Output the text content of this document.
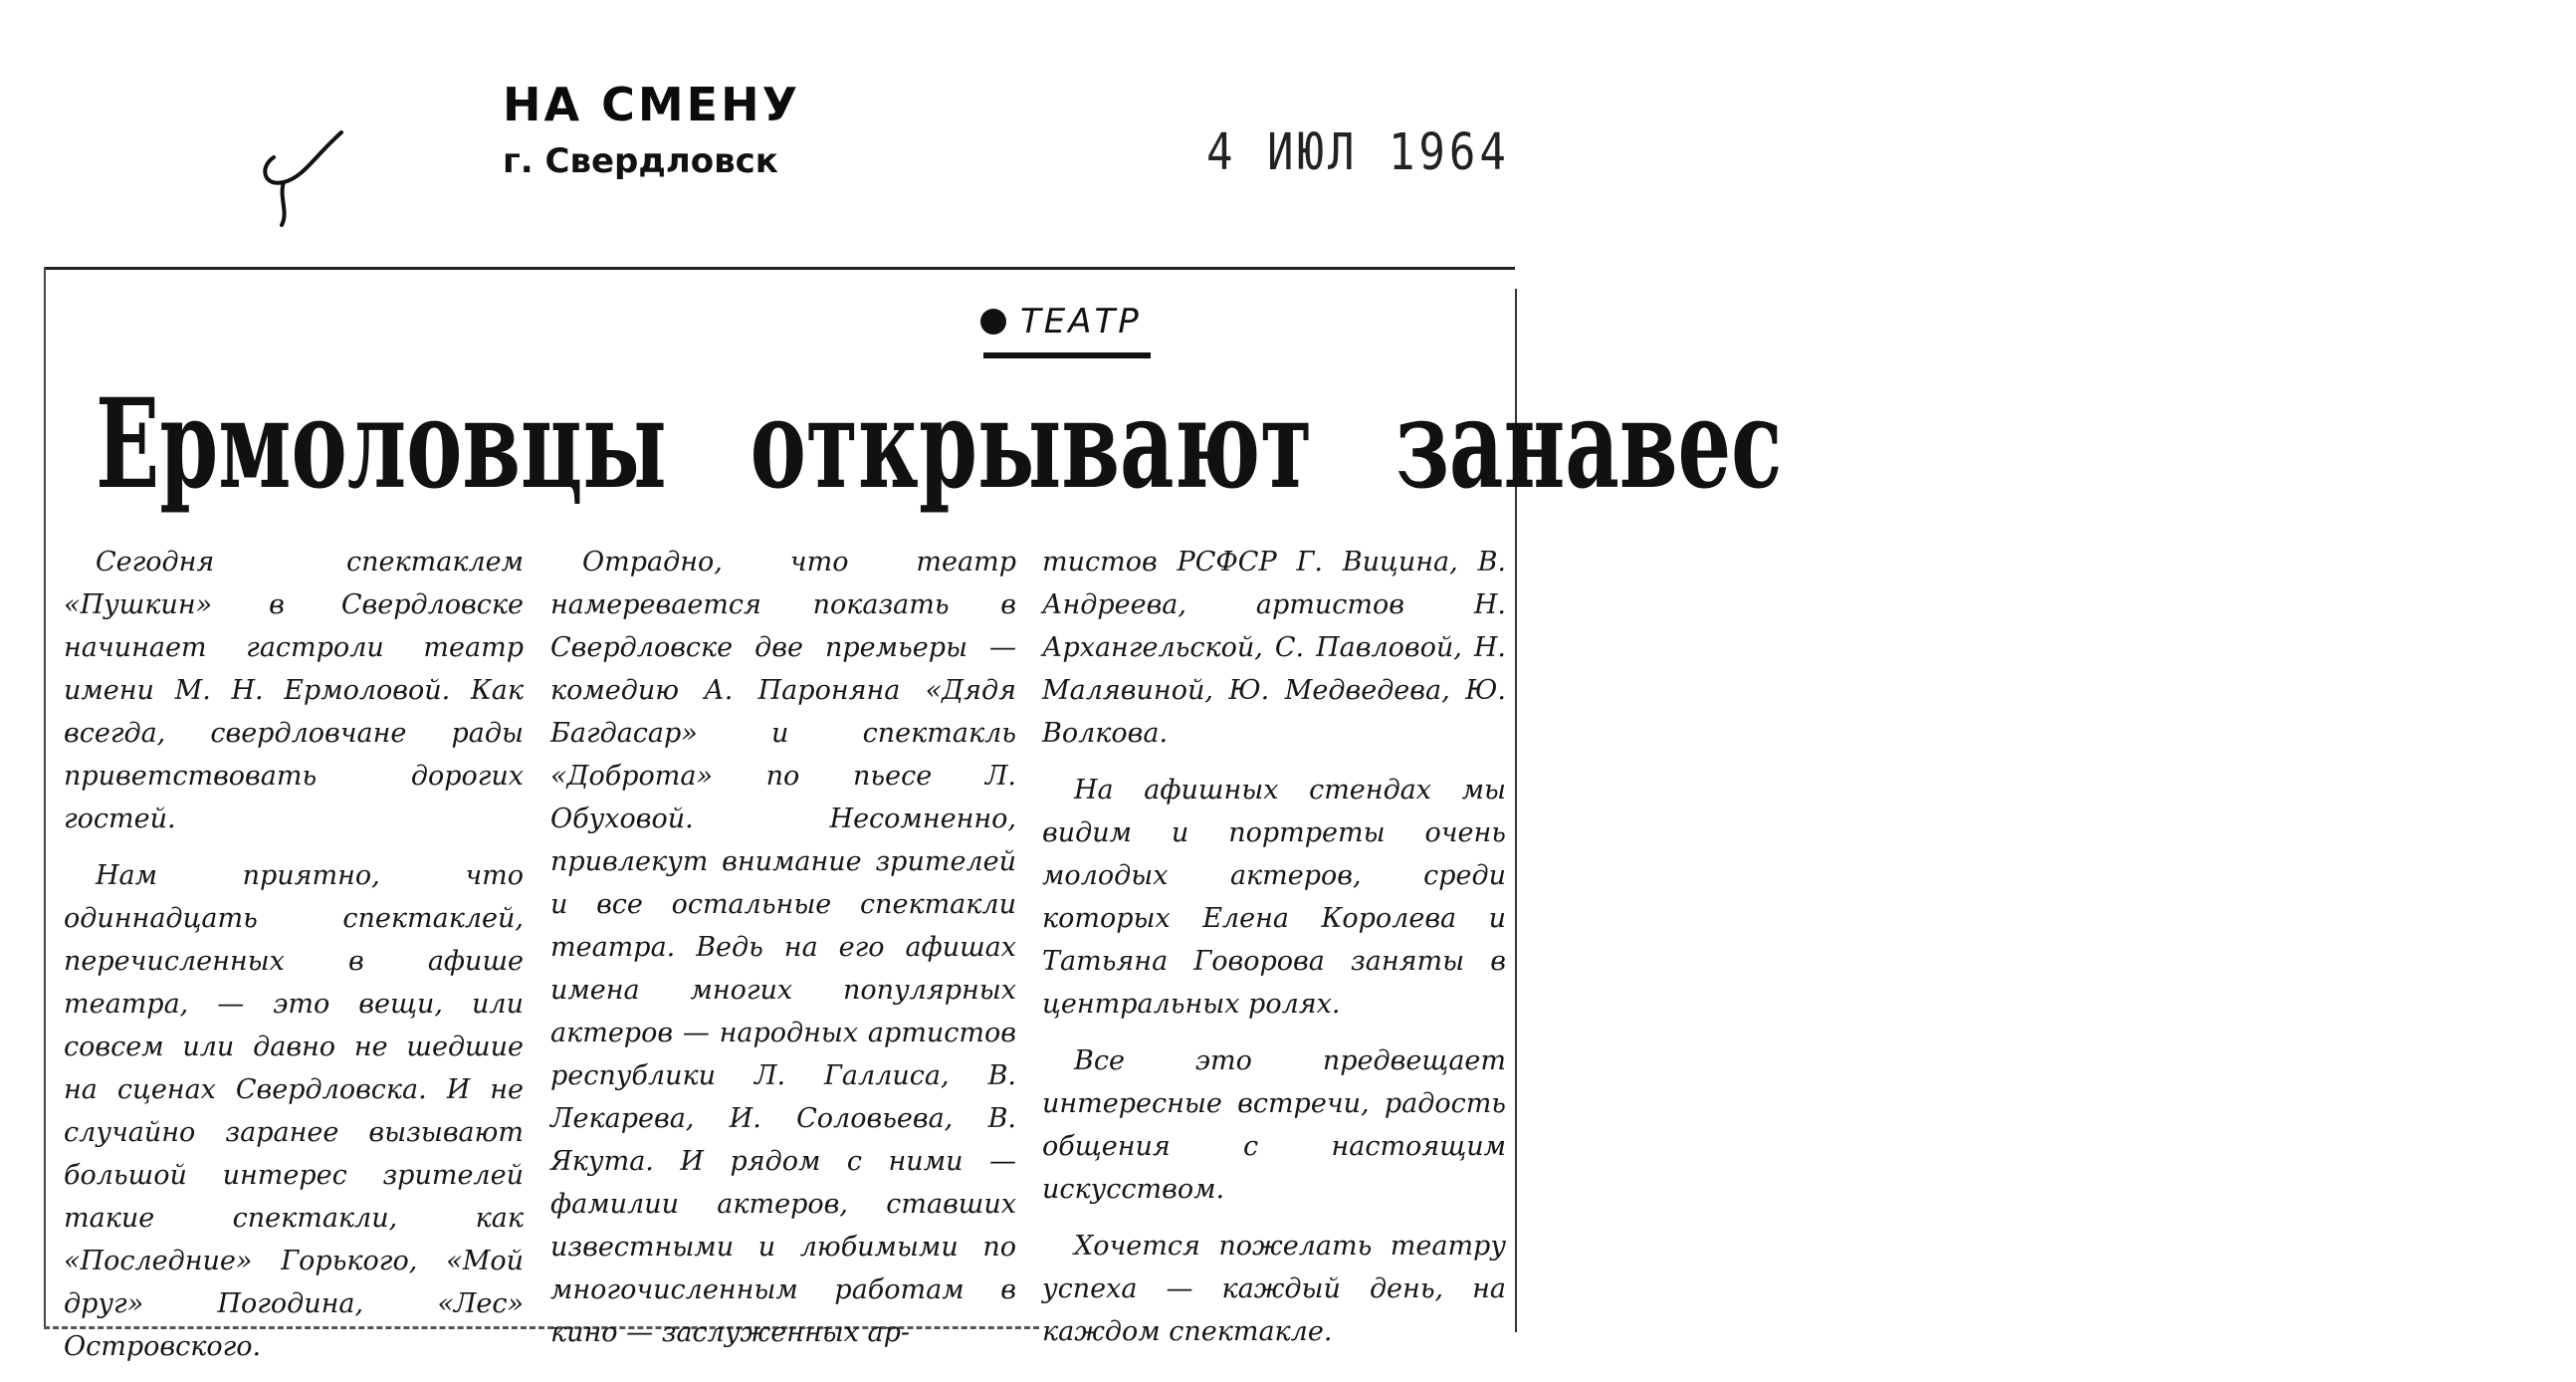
НА СМЕНУ
г. Свердловск	4 ИЮЛ 1964
ТЕАТР
Ермоловцы открывают занавес

Сегодня спектаклем «Пушкин» в Свердловске начинает гастроли театр имени М. Н. Ермоловой. Как всегда, свердловчане рады приветствовать дорогих гостей.

Нам приятно, что одиннадцать спектаклей, перечисленных в афише театра, — это вещи, или совсем или давно не шедшие на сценах Свердловска. И не случайно заранее вызывают большой интерес зрителей такие спектакли, как «Последние» Горького, «Мой друг» Погодина, «Лес» Островского.

Отрадно, что театр намеревается показать в Свердловске две премьеры — комедию А. Пароняна «Дядя Багдасар» и спектакль «Доброта» по пьесе Л. Обуховой. Несомненно, привлекут внимание зрителей и все остальные спектакли театра. Ведь на его афишах имена многих популярных актеров — народных артистов республики Л. Галлиса, В. Лекарева, И. Соловьева, В. Якута. И рядом с ними — фамилии актеров, ставших известными и любимыми по многочисленным работам в кино — заслуженных ар-

тистов РСФСР Г. Вицина, В. Андреева, артистов Н. Архангельской, С. Павловой, Н. Малявиной, Ю. Медведева, Ю. Волкова.

На афишных стендах мы видим и портреты очень молодых актеров, среди которых Елена Королева и Татьяна Говорова заняты в центральных ролях.

Все это предвещает интересные встречи, радость общения с настоящим искусством.

Хочется пожелать театру успеха — каждый день, на каждом спектакле.
